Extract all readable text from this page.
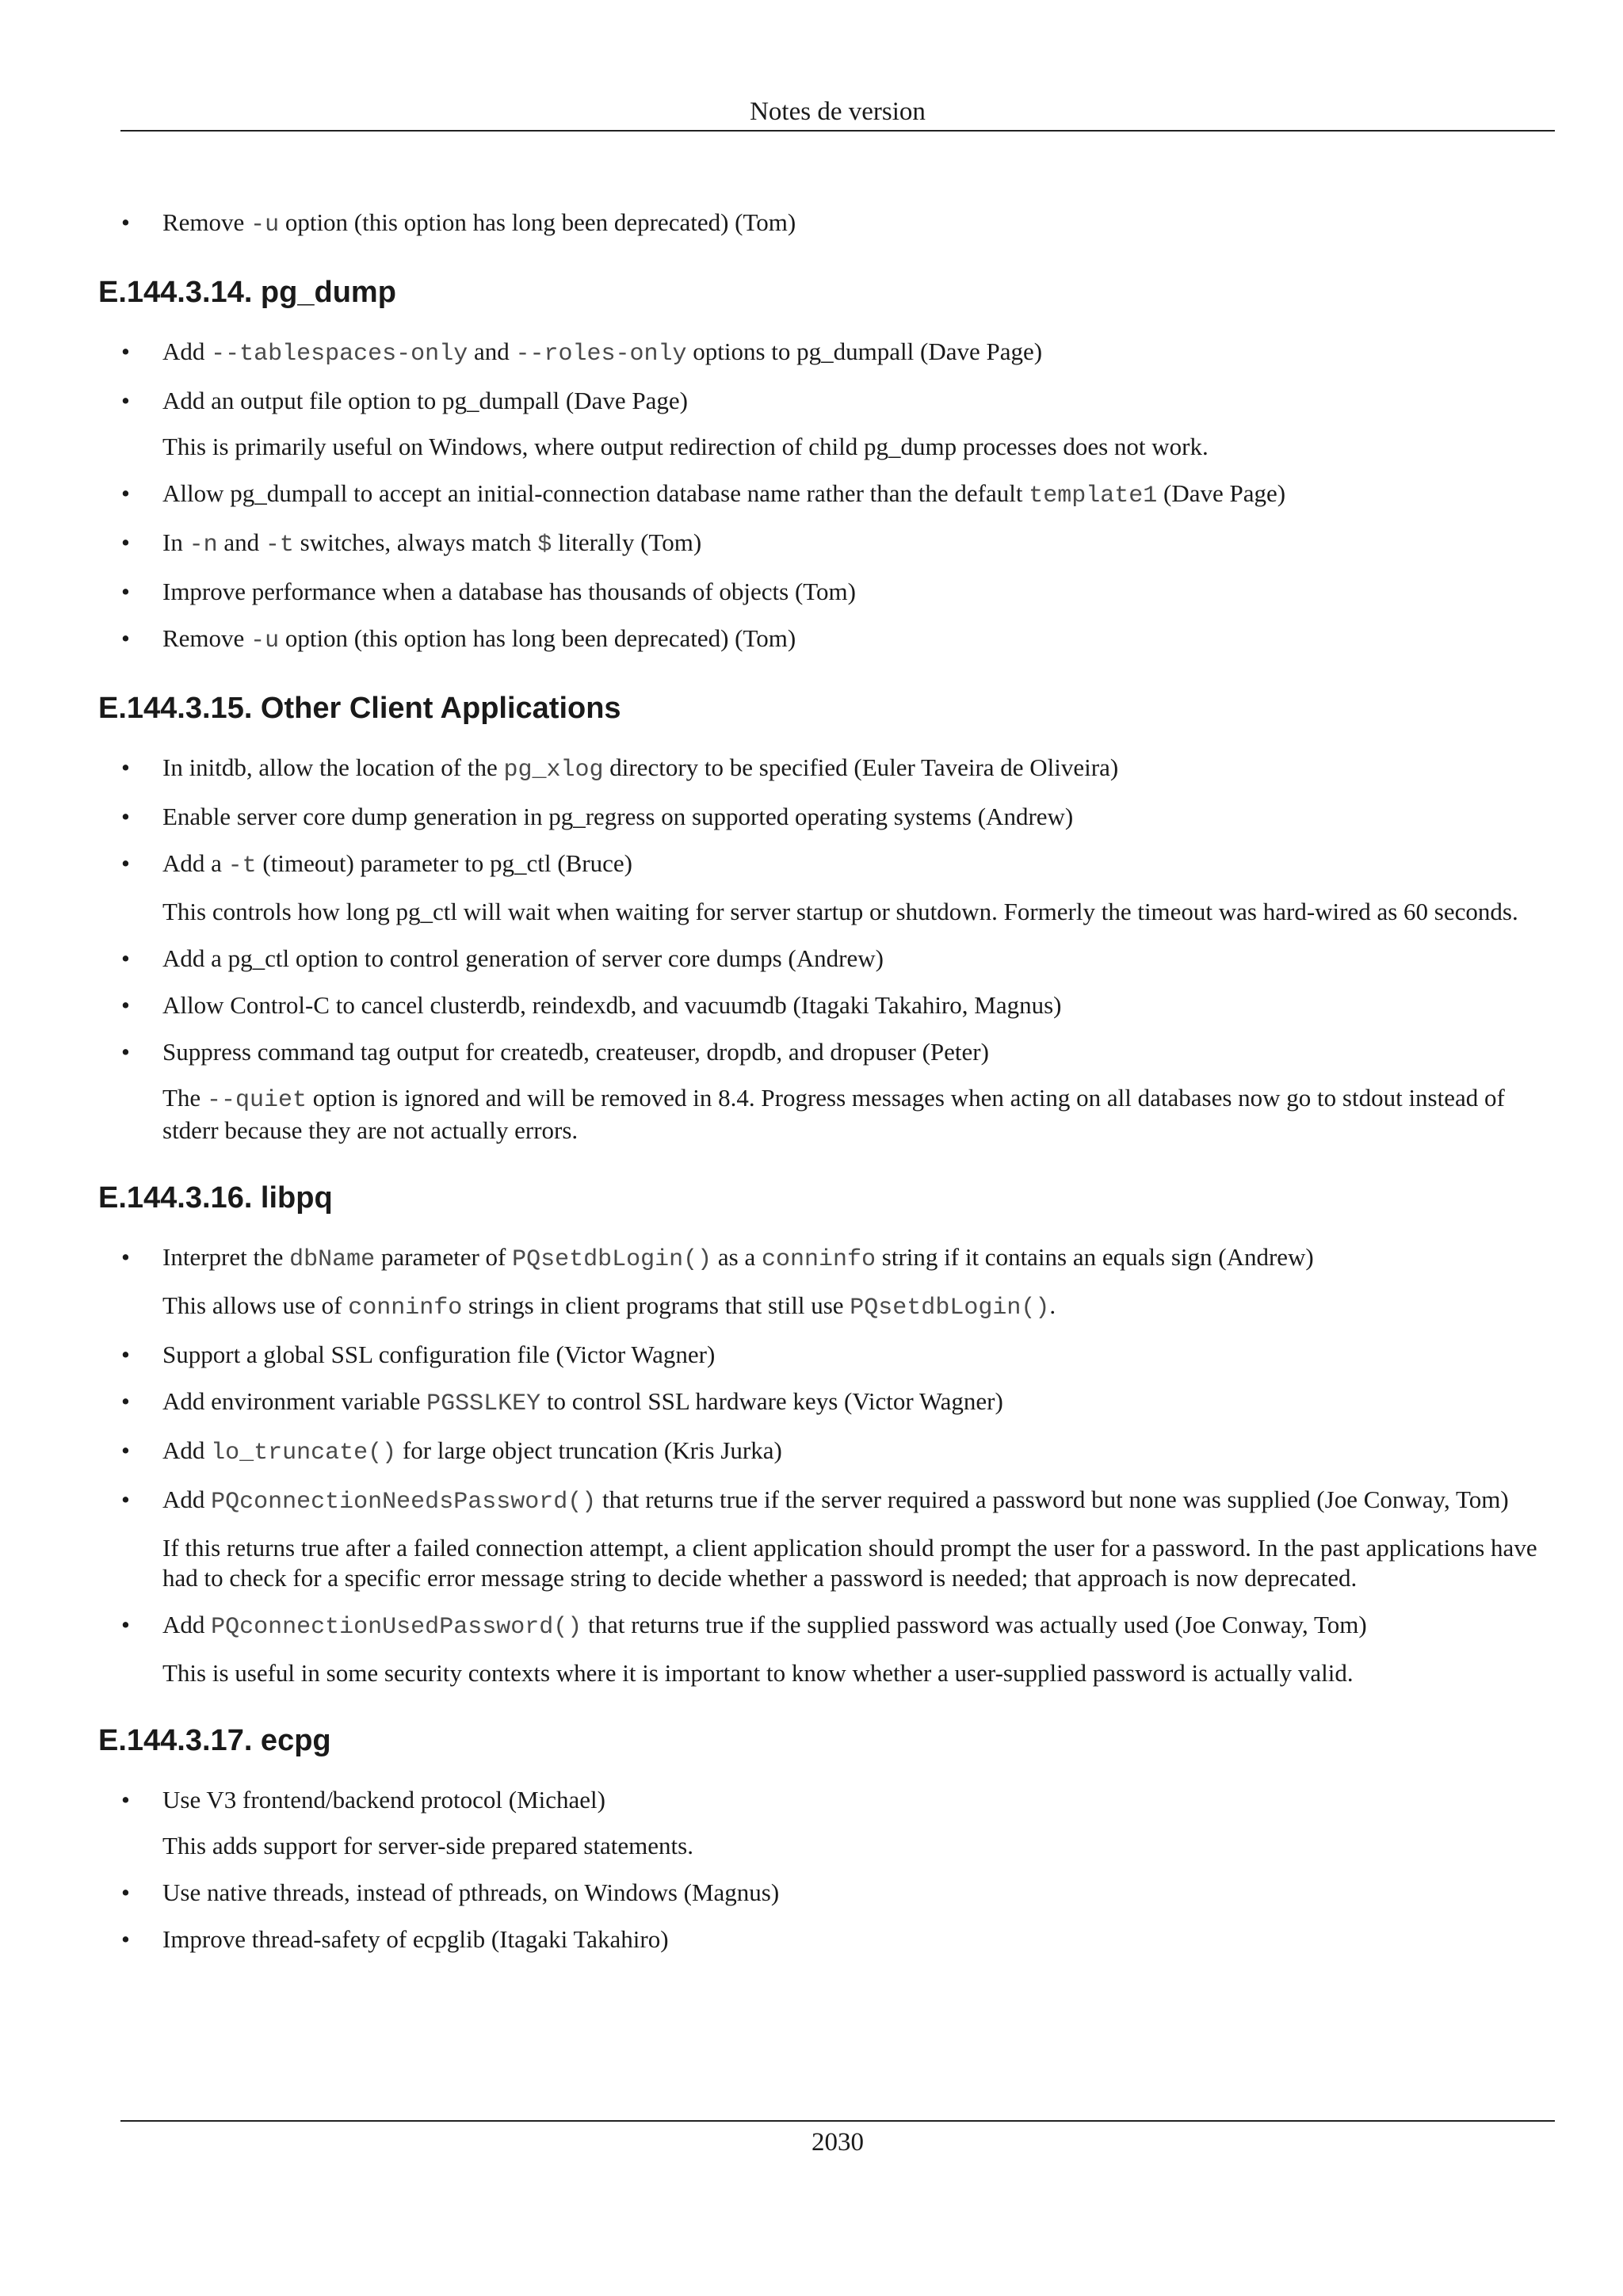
Notes de version
• Remove -u option (this option has long been deprecated) (Tom)
E.144.3.14. pg_dump
• Add --tablespaces-only and --roles-only options to pg_dumpall (Dave Page)
• Add an output file option to pg_dumpall (Dave Page)
This is primarily useful on Windows, where output redirection of child pg_dump processes does not work.
• Allow pg_dumpall to accept an initial-connection database name rather than the default template1 (Dave Page)
• In -n and -t switches, always match $ literally (Tom)
• Improve performance when a database has thousands of objects (Tom)
• Remove -u option (this option has long been deprecated) (Tom)
E.144.3.15. Other Client Applications
• In initdb, allow the location of the pg_xlog directory to be specified (Euler Taveira de Oliveira)
• Enable server core dump generation in pg_regress on supported operating systems (Andrew)
• Add a -t (timeout) parameter to pg_ctl (Bruce)
This controls how long pg_ctl will wait when waiting for server startup or shutdown. Formerly the timeout was hard-wired as 60 seconds.
• Add a pg_ctl option to control generation of server core dumps (Andrew)
• Allow Control-C to cancel clusterdb, reindexdb, and vacuumdb (Itagaki Takahiro, Magnus)
• Suppress command tag output for createdb, createuser, dropdb, and dropuser (Peter)
The --quiet option is ignored and will be removed in 8.4. Progress messages when acting on all databases now go to stdout instead of stderr because they are not actually errors.
E.144.3.16. libpq
• Interpret the dbName parameter of PQsetdbLogin() as a conninfo string if it contains an equals sign (Andrew)
This allows use of conninfo strings in client programs that still use PQsetdbLogin().
• Support a global SSL configuration file (Victor Wagner)
• Add environment variable PGSSLKEY to control SSL hardware keys (Victor Wagner)
• Add lo_truncate() for large object truncation (Kris Jurka)
• Add PQconnectionNeedsPassword() that returns true if the server required a password but none was supplied (Joe Conway, Tom)
If this returns true after a failed connection attempt, a client application should prompt the user for a password. In the past applications have had to check for a specific error message string to decide whether a password is needed; that approach is now deprecated.
• Add PQconnectionUsedPassword() that returns true if the supplied password was actually used (Joe Conway, Tom)
This is useful in some security contexts where it is important to know whether a user-supplied password is actually valid.
E.144.3.17. ecpg
• Use V3 frontend/backend protocol (Michael)
This adds support for server-side prepared statements.
• Use native threads, instead of pthreads, on Windows (Magnus)
• Improve thread-safety of ecpglib (Itagaki Takahiro)
2030
